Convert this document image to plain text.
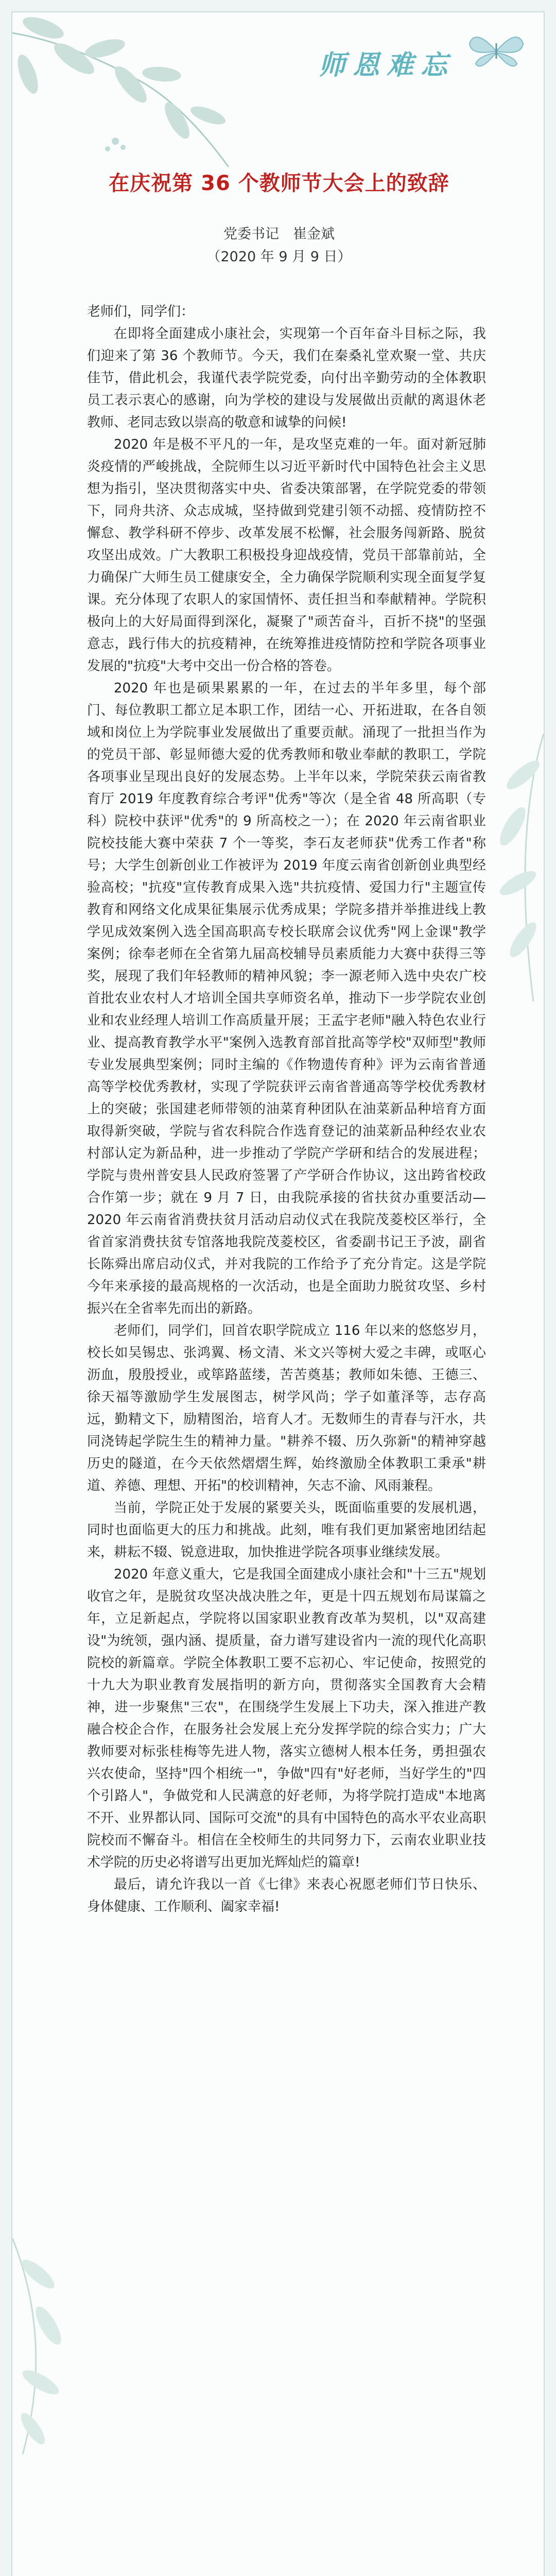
师恩难忘
在庆祝第 36 个教师节大会上的致辞
党委书记　崔金斌
（2020 年 9 月 9 日）

老师们，同学们：

在即将全面建成小康社会，实现第一个百年奋斗目标之际，我们迎来了第 36 个教师节。今天，我们在秦桑礼堂欢聚一堂、共庆佳节，借此机会，我谨代表学院党委，向付出辛勤劳动的全体教职员工表示衷心的感谢，向为学校的建设与发展做出贡献的离退休老教师、老同志致以崇高的敬意和诚挚的问候!

2020 年是极不平凡的一年，是攻坚克难的一年。面对新冠肺炎疫情的严峻挑战，全院师生以习近平新时代中国特色社会主义思想为指引，坚决贯彻落实中央、省委决策部署，在学院党委的带领下，同舟共济、众志成城，坚持做到党建引领不动摇、疫情防控不懈怠、教学科研不停步、改革发展不松懈，社会服务闯新路、脱贫攻坚出成效。广大教职工积极投身迎战疫情，党员干部靠前站，全力确保广大师生员工健康安全，全力确保学院顺利实现全面复学复课。充分体现了农职人的家国情怀、责任担当和奉献精神。学院积极向上的大好局面得到深化，凝聚了"顽苦奋斗，百折不挠"的坚强意志，践行伟大的抗疫精神，在统筹推进疫情防控和学院各项事业发展的"抗疫"大考中交出一份合格的答卷。

2020 年也是硕果累累的一年，在过去的半年多里，每个部门、每位教职工都立足本职工作，团结一心、开拓进取，在各自领域和岗位上为学院事业发展做出了重要贡献。涌现了一批担当作为的党员干部、彰显师德大爱的优秀教师和敬业奉献的教职工，学院各项事业呈现出良好的发展态势。上半年以来，学院荣获云南省教育厅 2019 年度教育综合考评"优秀"等次（是全省 48 所高职（专科）院校中获评"优秀"的 9 所高校之一）；在 2020 年云南省职业院校技能大赛中荣获 7 个一等奖，李石友老师获"优秀工作者"称号；大学生创新创业工作被评为 2019 年度云南省创新创业典型经验高校；"抗疫"宣传教育成果入选"共抗疫情、爱国力行"主题宣传教育和网络文化成果征集展示优秀成果；学院多措并举推进线上教学见成效案例入选全国高职高专校长联席会议优秀"网上金课"教学案例；徐奉老师在全省第九届高校辅导员素质能力大赛中获得三等奖，展现了我们年轻教师的精神风貌；李一源老师入选中央农广校首批农业农村人才培训全国共享师资名单，推动下一步学院农业创业和农业经理人培训工作高质量开展；王孟宇老师"融入特色农业行业、提高教育教学水平"案例入选教育部首批高等学校"双师型"教师专业发展典型案例；同时主编的《作物遗传育种》评为云南省普通高等学校优秀教材，实现了学院获评云南省普通高等学校优秀教材上的突破；张国建老师带领的油菜育种团队在油菜新品种培育方面取得新突破，学院与省农科院合作选育登记的油菜新品种经农业农村部认定为新品种，进一步推动了学院产学研和结合的发展进程；学院与贵州普安县人民政府签署了产学研合作协议，这出跨省校政合作第一步；就在 9 月 7 日，由我院承接的省扶贫办重要活动—2020 年云南省消费扶贫月活动启动仪式在我院茂菱校区举行，全省首家消费扶贫专馆落地我院茂菱校区，省委副书记王予波，副省长陈舜出席启动仪式，并对我院的工作给予了充分肯定。这是学院今年来承接的最高规格的一次活动，也是全面助力脱贫攻坚、乡村振兴在全省率先而出的新路。

老师们，同学们，回首农职学院成立 116 年以来的悠悠岁月，校长如吴锡忠、张鸿翼、杨文清、米文兴等树大爱之丰碑，或呕心沥血，殷殷授业，或筚路蓝缕，苦苦奠基；教师如朱德、王德三、徐天福等激励学生发展图志，树学风尚；学子如董泽等，志存高远，勤精文下，励精图治，培育人才。无数师生的青春与汗水，共同浇铸起学院生生的精神力量。"耕养不辍、历久弥新"的精神穿越历史的隧道，在今天依然熠熠生辉，始终激励全体教职工秉承"耕道、养德、理想、开拓"的校训精神，矢志不渝、风雨兼程。

当前，学院正处于发展的紧要关头，既面临重要的发展机遇，同时也面临更大的压力和挑战。此刻，唯有我们更加紧密地团结起来，耕耘不辍、锐意进取，加快推进学院各项事业继续发展。

2020 年意义重大，它是我国全面建成小康社会和"十三五"规划收官之年，是脱贫攻坚决战决胜之年，更是十四五规划布局谋篇之年，立足新起点，学院将以国家职业教育改革为契机，以"双高建设"为统领，强内涵、提质量，奋力谱写建设省内一流的现代化高职院校的新篇章。学院全体教职工要不忘初心、牢记使命，按照党的十九大为职业教育发展指明的新方向，贯彻落实全国教育大会精神，进一步聚焦"三农"，在围绕学生发展上下功夫，深入推进产教融合校企合作，在服务社会发展上充分发挥学院的综合实力；广大教师要对标张桂梅等先进人物，落实立德树人根本任务，勇担强农兴农使命，坚持"四个相统一"，争做"四有"好老师，当好学生的"四个引路人"，争做党和人民满意的好老师，为将学院打造成"本地离不开、业界都认同、国际可交流"的具有中国特色的高水平农业高职院校而不懈奋斗。相信在全校师生的共同努力下，云南农业职业技术学院的历史必将谱写出更加光辉灿烂的篇章!

最后，请允许我以一首《七律》来表心祝愿老师们节日快乐、身体健康、工作顺利、阖家幸福!
